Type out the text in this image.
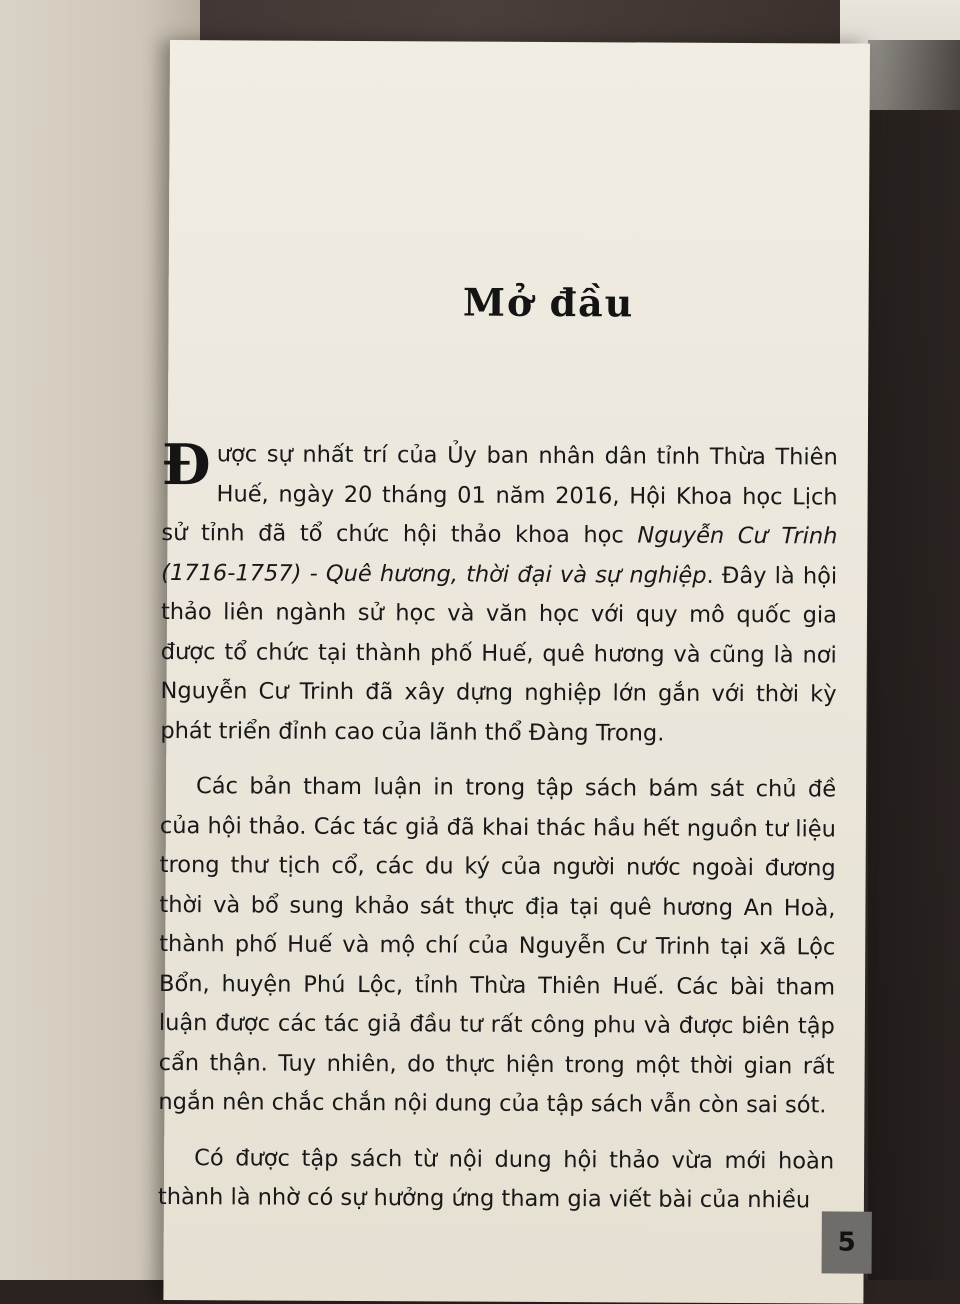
Mở đầu

Được sự nhất trí của Ủy ban nhân dân tỉnh Thừa Thiên Huế, ngày 20 tháng 01 năm 2016, Hội Khoa học Lịch sử tỉnh đã tổ chức hội thảo khoa học Nguyễn Cư Trinh (1716-1757) - Quê hương, thời đại và sự nghiệp. Đây là hội thảo liên ngành sử học và văn học với quy mô quốc gia được tổ chức tại thành phố Huế, quê hương và cũng là nơi Nguyễn Cư Trinh đã xây dựng nghiệp lớn gắn với thời kỳ phát triển đỉnh cao của lãnh thổ Đàng Trong.

Các bản tham luận in trong tập sách bám sát chủ đề của hội thảo. Các tác giả đã khai thác hầu hết nguồn tư liệu trong thư tịch cổ, các du ký của người nước ngoài đương thời và bổ sung khảo sát thực địa tại quê hương An Hoà, thành phố Huế và mộ chí của Nguyễn Cư Trinh tại xã Lộc Bổn, huyện Phú Lộc, tỉnh Thừa Thiên Huế. Các bài tham luận được các tác giả đầu tư rất công phu và được biên tập cẩn thận. Tuy nhiên, do thực hiện trong một thời gian rất ngắn nên chắc chắn nội dung của tập sách vẫn còn sai sót.

Có được tập sách từ nội dung hội thảo vừa mới hoàn thành là nhờ có sự hưởng ứng tham gia viết bài của nhiều

5
